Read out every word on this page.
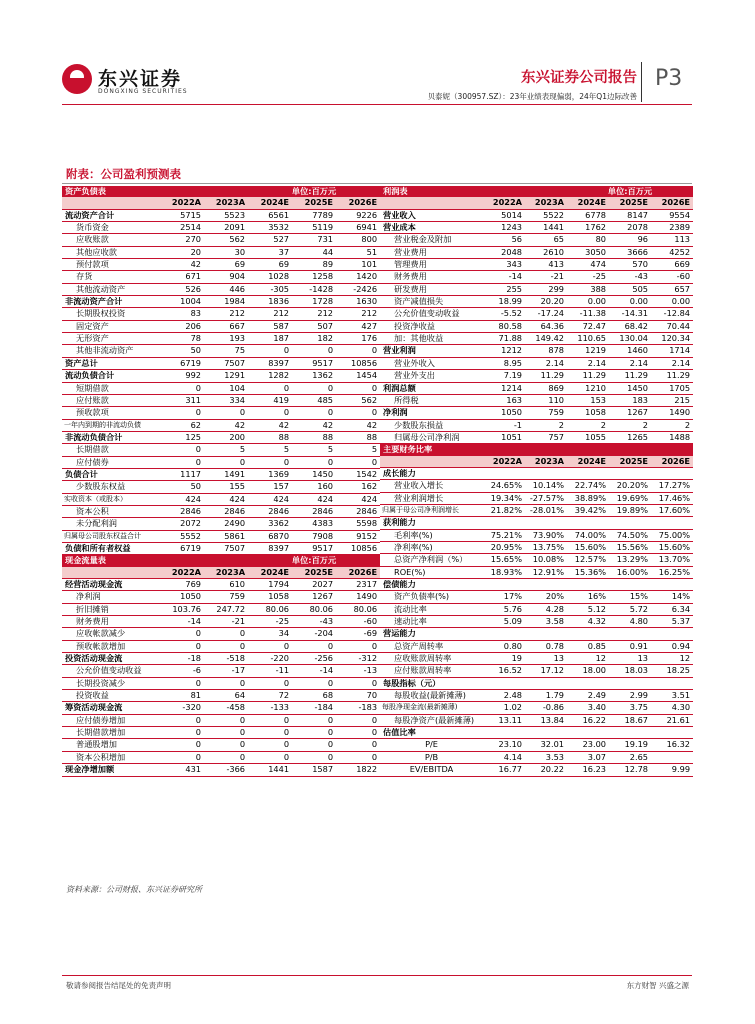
东兴证券
DONGXING SECURITIES
东兴证券公司报告
贝泰妮（300957.SZ）：23年业绩表现偏弱，24年Q1边际改善
P3
附表：公司盈利预测表
资产负债表			单位:百万元		
	2022A	2023A	2024E	2025E	2026E
流动资产合计	5715	5523	6561	7789	9226
货币资金	2514	2091	3532	5119	6941
应收账款	270	562	527	731	800
其他应收款	20	30	37	44	51
预付款项	42	69	69	89	101
存货	671	904	1028	1258	1420
其他流动资产	526	446	-305	-1428	-2426
非流动资产合计	1004	1984	1836	1728	1630
长期股权投资	83	212	212	212	212
固定资产	206	667	587	507	427
无形资产	78	193	187	182	176
其他非流动资产	50	75	0	0	0
资产总计	6719	7507	8397	9517	10856
流动负债合计	992	1291	1282	1362	1454
短期借款	0	104	0	0	0
应付账款	311	334	419	485	562
预收款项	0	0	0	0	0
一年内到期的非流动负债	62	42	42	42	42
非流动负债合计	125	200	88	88	88
长期借款	0	5	5	5	5
应付债券	0	0	0	0	0
负债合计	1117	1491	1369	1450	1542
少数股东权益	50	155	157	160	162
实收资本（或股本）	424	424	424	424	424
资本公积	2846	2846	2846	2846	2846
未分配利润	2072	2490	3362	4383	5598
归属母公司股东权益合计	5552	5861	6870	7908	9152
负债和所有者权益	6719	7507	8397	9517	10856
现金流量表			单位:百万元		
	2022A	2023A	2024E	2025E	2026E
经营活动现金流	769	610	1794	2027	2317
净利润	1050	759	1058	1267	1490
折旧摊销	103.76	247.72	80.06	80.06	80.06
财务费用	-14	-21	-25	-43	-60
应收帐款减少	0	0	34	-204	-69
预收帐款增加	0	0	0	0	0
投资活动现金流	-18	-518	-220	-256	-312
公允价值变动收益	-6	-17	-11	-14	-13
长期投资减少	0	0	0	0	0
投资收益	81	64	72	68	70
筹资活动现金流	-320	-458	-133	-184	-183
应付债券增加	0	0	0	0	0
长期借款增加	0	0	0	0	0
普通股增加	0	0	0	0	0
资本公积增加	0	0	0	0	0
现金净增加额	431	-366	1441	1587	1822
利润表			单位:百万元		
	2022A	2023A	2024E	2025E	2026E
营业收入	5014	5522	6778	8147	9554
营业成本	1243	1441	1762	2078	2389
营业税金及附加	56	65	80	96	113
营业费用	2048	2610	3050	3666	4252
管理费用	343	413	474	570	669
财务费用	-14	-21	-25	-43	-60
研发费用	255	299	388	505	657
资产减值损失	18.99	20.20	0.00	0.00	0.00
公允价值变动收益	-5.52	-17.24	-11.38	-14.31	-12.84
投资净收益	80.58	64.36	72.47	68.42	70.44
加：其他收益	71.88	149.42	110.65	130.04	120.34
营业利润	1212	878	1219	1460	1714
营业外收入	8.95	2.14	2.14	2.14	2.14
营业外支出	7.19	11.29	11.29	11.29	11.29
利润总额	1214	869	1210	1450	1705
所得税	163	110	153	183	215
净利润	1050	759	1058	1267	1490
少数股东损益	-1	2	2	2	2
归属母公司净利润	1051	757	1055	1265	1488
主要财务比率					
	2022A	2023A	2024E	2025E	2026E
成长能力					
营业收入增长	24.65%	10.14%	22.74%	20.20%	17.27%
营业利润增长	19.34%	-27.57%	38.89%	19.69%	17.46%
归属于母公司净利润增长	21.82%	-28.01%	39.42%	19.89%	17.60%
获利能力					
毛利率(%)	75.21%	73.90%	74.00%	74.50%	75.00%
净利率(%)	20.95%	13.75%	15.60%	15.56%	15.60%
总资产净利润（%）	15.65%	10.08%	12.57%	13.29%	13.70%
ROE(%)	18.93%	12.91%	15.36%	16.00%	16.25%
偿债能力					
资产负债率(%)	17%	20%	16%	15%	14%
流动比率	5.76	4.28	5.12	5.72	6.34
速动比率	5.09	3.58	4.32	4.80	5.37
营运能力					
总资产周转率	0.80	0.78	0.85	0.91	0.94
应收账款周转率	19	13	12	13	12
应付账款周转率	16.52	17.12	18.00	18.03	18.25
每股指标（元）					
每股收益(最新摊薄)	2.48	1.79	2.49	2.99	3.51
每股净现金流(最新摊薄)	1.02	-0.86	3.40	3.75	4.30
每股净资产(最新摊薄)	13.11	13.84	16.22	18.67	21.61
估值比率					
P/E	23.10	32.01	23.00	19.19	16.32
P/B	4.14	3.53	3.07	2.65	
EV/EBITDA	16.77	20.22	16.23	12.78	9.99
资料来源：公司财报、东兴证券研究所
敬请参阅报告结尾处的免责声明	东方财智 兴盛之源
